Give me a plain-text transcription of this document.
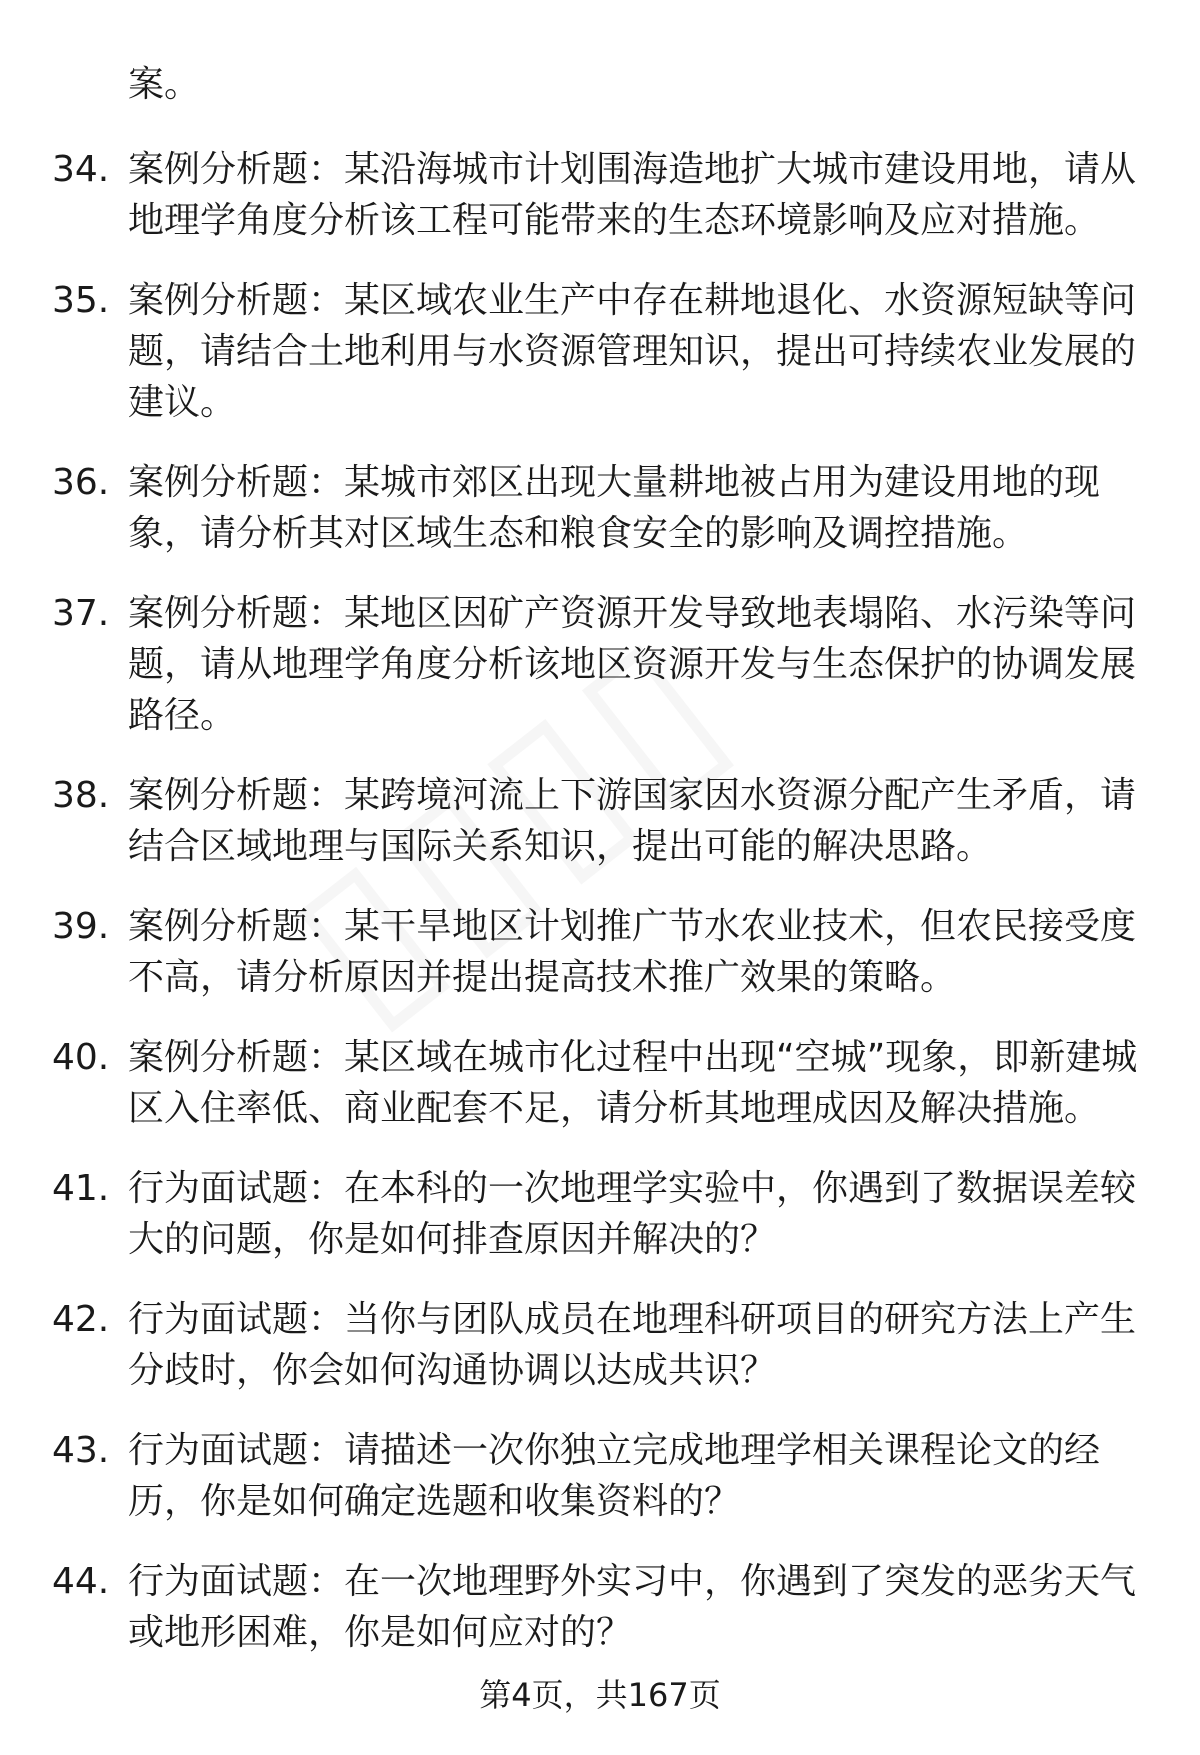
案。
34. 案例分析题：某沿海城市计划围海造地扩大城市建设用地，请从地理学角度分析该工程可能带来的生态环境影响及应对措施。
35. 案例分析题：某区域农业生产中存在耕地退化、水资源短缺等问题，请结合土地利用与水资源管理知识，提出可持续农业发展的建议。
36. 案例分析题：某城市郊区出现大量耕地被占用为建设用地的现象，请分析其对区域生态和粮食安全的影响及调控措施。
37. 案例分析题：某地区因矿产资源开发导致地表塌陷、水污染等问题，请从地理学角度分析该地区资源开发与生态保护的协调发展路径。
38. 案例分析题：某跨境河流上下游国家因水资源分配产生矛盾，请结合区域地理与国际关系知识，提出可能的解决思路。
39. 案例分析题：某干旱地区计划推广节水农业技术，但农民接受度不高，请分析原因并提出提高技术推广效果的策略。
40. 案例分析题：某区域在城市化过程中出现“空城”现象，即新建城区入住率低、商业配套不足，请分析其地理成因及解决措施。
41. 行为面试题：在本科的一次地理学实验中，你遇到了数据误差较大的问题，你是如何排查原因并解决的？
42. 行为面试题：当你与团队成员在地理科研项目的研究方法上产生分歧时，你会如何沟通协调以达成共识？
43. 行为面试题：请描述一次你独立完成地理学相关课程论文的经历，你是如何确定选题和收集资料的？
44. 行为面试题：在一次地理野外实习中，你遇到了突发的恶劣天气或地形困难，你是如何应对的？
第4页，共167页
